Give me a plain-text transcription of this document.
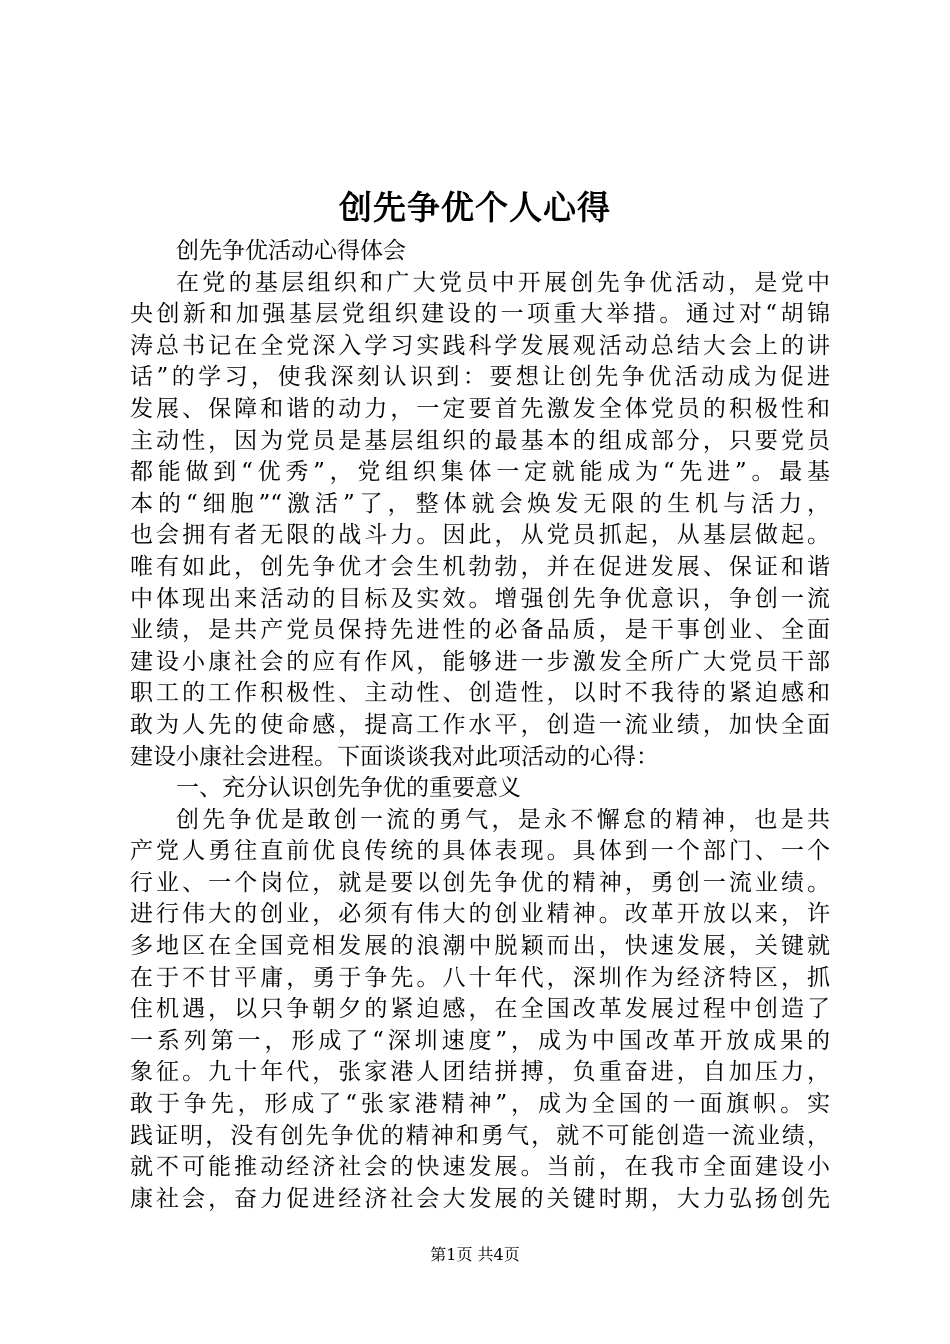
创先争优个人心得
创先争优活动心得体会
在党的基层组织和广大党员中开展创先争优活动，是党中
央创新和加强基层党组织建设的一项重大举措。通过对“胡锦
涛总书记在全党深入学习实践科学发展观活动总结大会上的讲
话”的学习，使我深刻认识到：要想让创先争优活动成为促进
发展、保障和谐的动力，一定要首先激发全体党员的积极性和
主动性，因为党员是基层组织的最基本的组成部分，只要党员
都能做到“优秀”，党组织集体一定就能成为“先进”。最基
本的“细胞”“激活”了，整体就会焕发无限的生机与活力，
也会拥有者无限的战斗力。因此，从党员抓起，从基层做起。
唯有如此，创先争优才会生机勃勃，并在促进发展、保证和谐
中体现出来活动的目标及实效。增强创先争优意识，争创一流
业绩，是共产党员保持先进性的必备品质，是干事创业、全面
建设小康社会的应有作风，能够进一步激发全所广大党员干部
职工的工作积极性、主动性、创造性，以时不我待的紧迫感和
敢为人先的使命感，提高工作水平，创造一流业绩，加快全面
建设小康社会进程。下面谈谈我对此项活动的心得：
一、充分认识创先争优的重要意义
创先争优是敢创一流的勇气，是永不懈怠的精神，也是共
产党人勇往直前优良传统的具体表现。具体到一个部门、一个
行业、一个岗位，就是要以创先争优的精神，勇创一流业绩。
进行伟大的创业，必须有伟大的创业精神。改革开放以来，许
多地区在全国竞相发展的浪潮中脱颖而出，快速发展，关键就
在于不甘平庸，勇于争先。八十年代，深圳作为经济特区，抓
住机遇，以只争朝夕的紧迫感，在全国改革发展过程中创造了
一系列第一，形成了“深圳速度”，成为中国改革开放成果的
象征。九十年代，张家港人团结拼搏，负重奋进，自加压力，
敢于争先，形成了“张家港精神”，成为全国的一面旗帜。实
践证明，没有创先争优的精神和勇气，就不可能创造一流业绩，
就不可能推动经济社会的快速发展。当前，在我市全面建设小
康社会，奋力促进经济社会大发展的关键时期，大力弘扬创先
第1页 共4页
